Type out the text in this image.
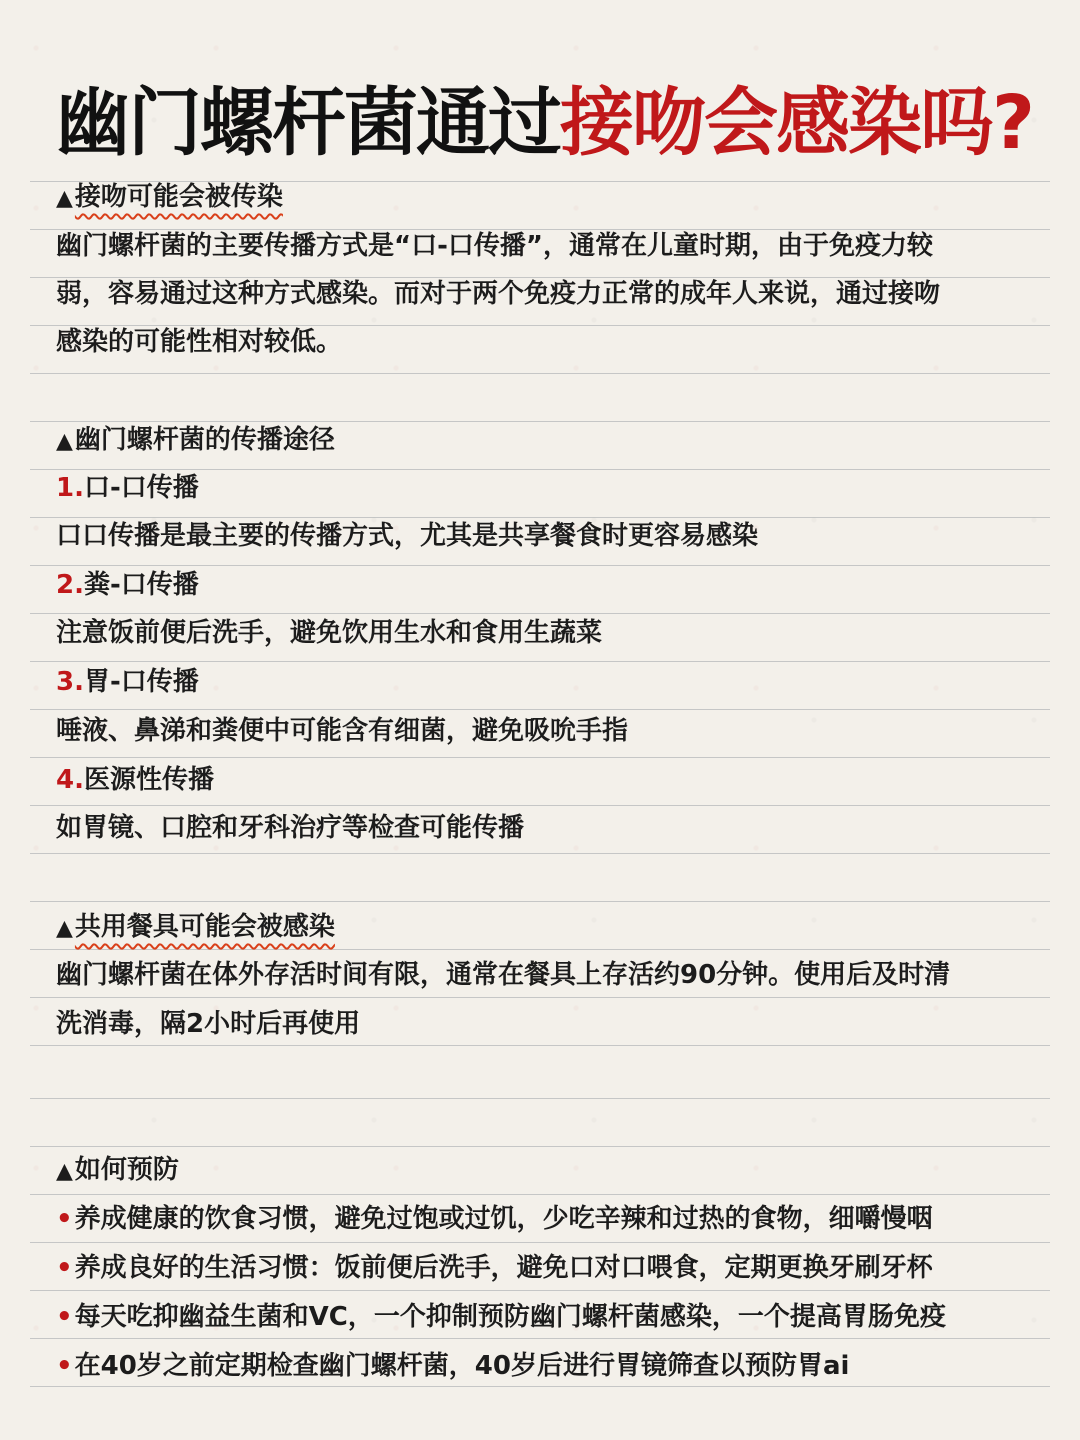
幽门螺杆菌通过接吻会感染吗?
▲接吻可能会被传染
幽门螺杆菌的主要传播方式是“口-口传播”，通常在儿童时期，由于免疫力较
弱，容易通过这种方式感染。而对于两个免疫力正常的成年人来说，通过接吻
感染的可能性相对较低。
▲幽门螺杆菌的传播途径
1.口-口传播
口口传播是最主要的传播方式，尤其是共享餐食时更容易感染
2.粪-口传播
注意饭前便后洗手，避免饮用生水和食用生蔬菜
3.胃-口传播
唾液、鼻涕和粪便中可能含有细菌，避免吸吮手指
4.医源性传播
如胃镜、口腔和牙科治疗等检查可能传播
▲共用餐具可能会被感染
幽门螺杆菌在体外存活时间有限，通常在餐具上存活约90分钟。使用后及时清
洗消毒，隔2小时后再使用
▲如何预防
•养成健康的饮食习惯，避免过饱或过饥，少吃辛辣和过热的食物，细嚼慢咽
•养成良好的生活习惯：饭前便后洗手，避免口对口喂食，定期更换牙刷牙杯
•每天吃抑幽益生菌和VC，一个抑制预防幽门螺杆菌感染，一个提高胃肠免疫
•在40岁之前定期检查幽门螺杆菌，40岁后进行胃镜筛查以预防胃ai
